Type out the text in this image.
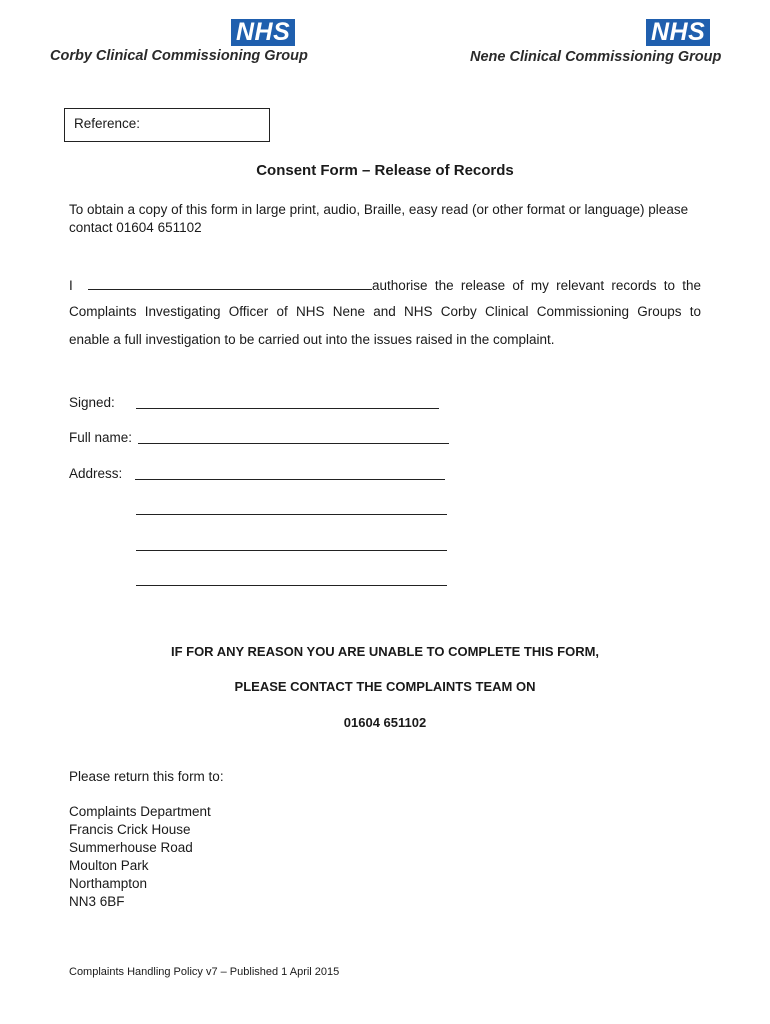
NHS
Corby Clinical Commissioning Group
NHS
Nene Clinical Commissioning Group
Reference:
Consent Form – Release of Records
To obtain a copy of this form in large print, audio, Braille, easy read (or other format or language) please contact 01604 651102
I	authorise the release of my relevant records to the
Complaints Investigating Officer of NHS Nene and NHS Corby Clinical Commissioning Groups to
enable a full investigation to be carried out into the issues raised in the complaint.
Signed:
Full name:
Address:
IF FOR ANY REASON YOU ARE UNABLE TO COMPLETE THIS FORM,
PLEASE CONTACT THE COMPLAINTS TEAM ON
01604 651102
Please return this form to:
Complaints Department
Francis Crick House
Summerhouse Road
Moulton Park
Northampton
NN3 6BF
Complaints Handling Policy v7 – Published 1 April 2015
